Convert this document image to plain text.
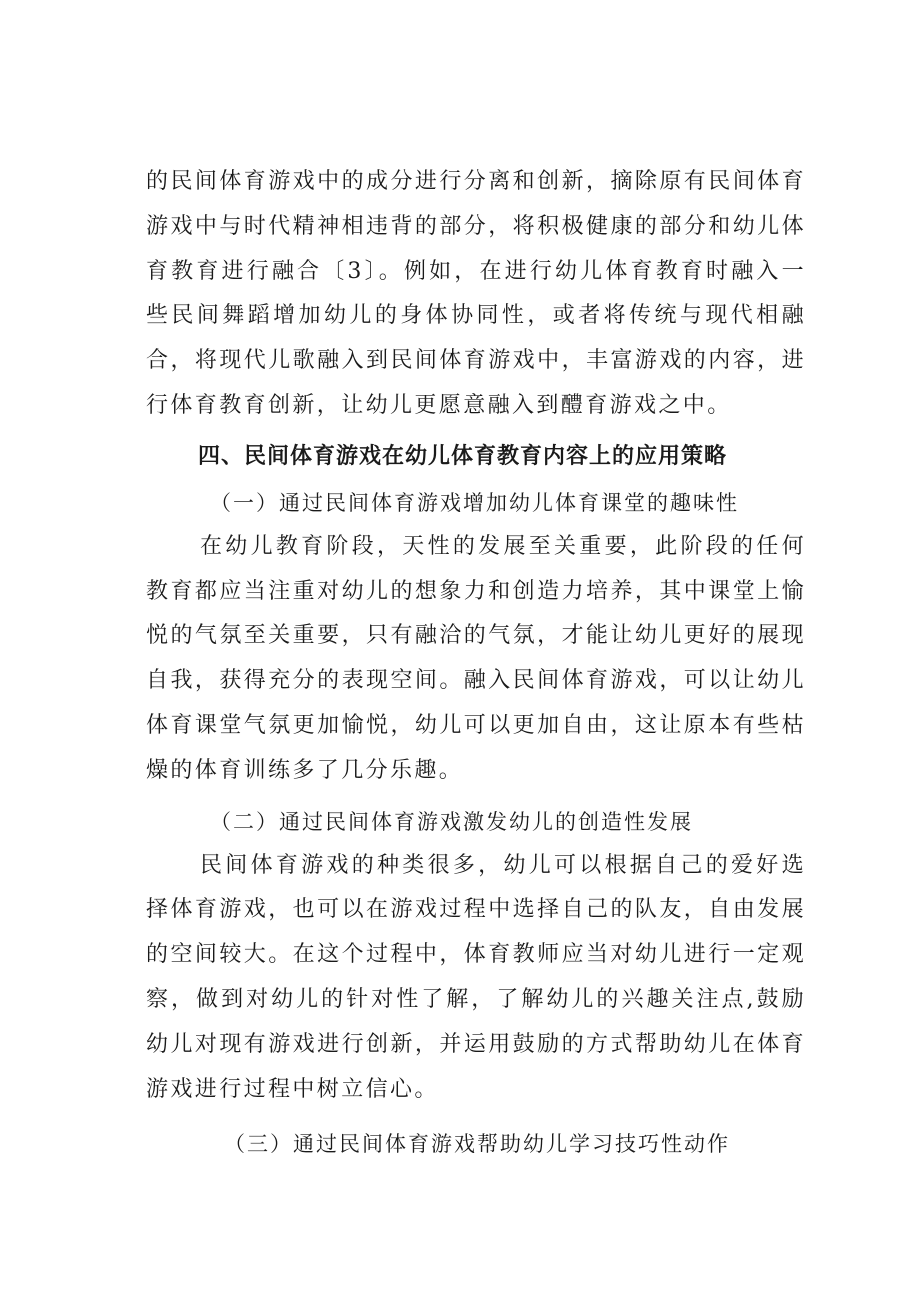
的民间体育游戏中的成分进行分离和创新，摘除原有民间体育游戏中与时代精神相违背的部分，将积极健康的部分和幼儿体育教育进行融合〔3〕。例如，在进行幼儿体育教育时融入一些民间舞蹈增加幼儿的身体协同性，或者将传统与现代相融合，将现代儿歌融入到民间体育游戏中，丰富游戏的内容，进行体育教育创新，让幼儿更愿意融入到醴育游戏之中。

四、民间体育游戏在幼儿体育教育内容上的应用策略

（一）通过民间体育游戏增加幼儿体育课堂的趣味性

在幼儿教育阶段，天性的发展至关重要，此阶段的任何教育都应当注重对幼儿的想象力和创造力培养，其中课堂上愉悦的气氛至关重要，只有融洽的气氛，才能让幼儿更好的展现自我，获得充分的表现空间。融入民间体育游戏，可以让幼儿体育课堂气氛更加愉悦，幼儿可以更加自由，这让原本有些枯燥的体育训练多了几分乐趣。

（二）通过民间体育游戏激发幼儿的创造性发展

民间体育游戏的种类很多，幼儿可以根据自己的爱好选择体育游戏，也可以在游戏过程中选择自己的队友，自由发展的空间较大。在这个过程中，体育教师应当对幼儿进行一定观察，做到对幼儿的针对性了解，了解幼儿的兴趣关注点,鼓励幼儿对现有游戏进行创新，并运用鼓励的方式帮助幼儿在体育游戏进行过程中树立信心。

（三）通过民间体育游戏帮助幼儿学习技巧性动作
